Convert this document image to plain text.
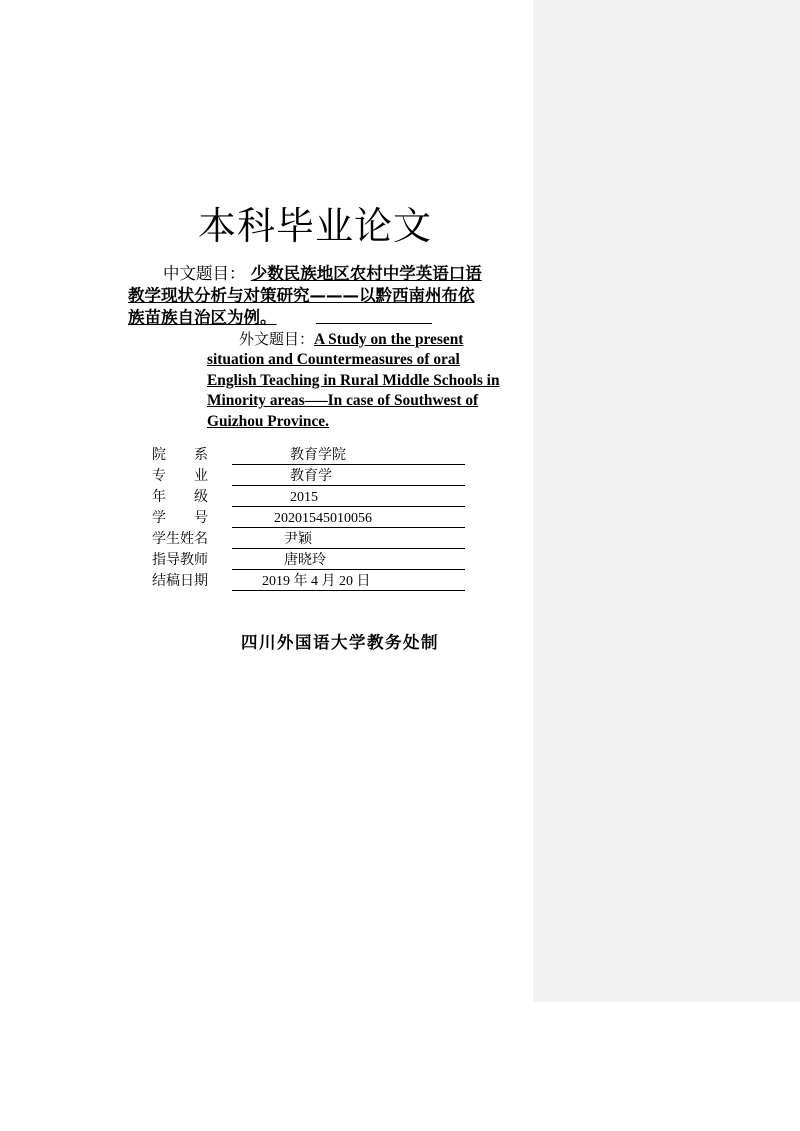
本科毕业论文
中文题目： 少数民族地区农村中学英语口语
教学现状分析与对策研究———以黔西南州布依
族苗族自治区为例。
外文题目：A Study on the present
situation and Countermeasures of oral
English Teaching in Rural Middle Schools in
Minority areas—–In case of Southwest of
Guizhou Province.
院　　系	教育学院
专　　业	教育学
年　　级	2015
学　　号	20201545010056
学生姓名	尹颖
指导教师	唐晓玲
结稿日期	2019 年 4 月 20 日
四川外国语大学教务处制
